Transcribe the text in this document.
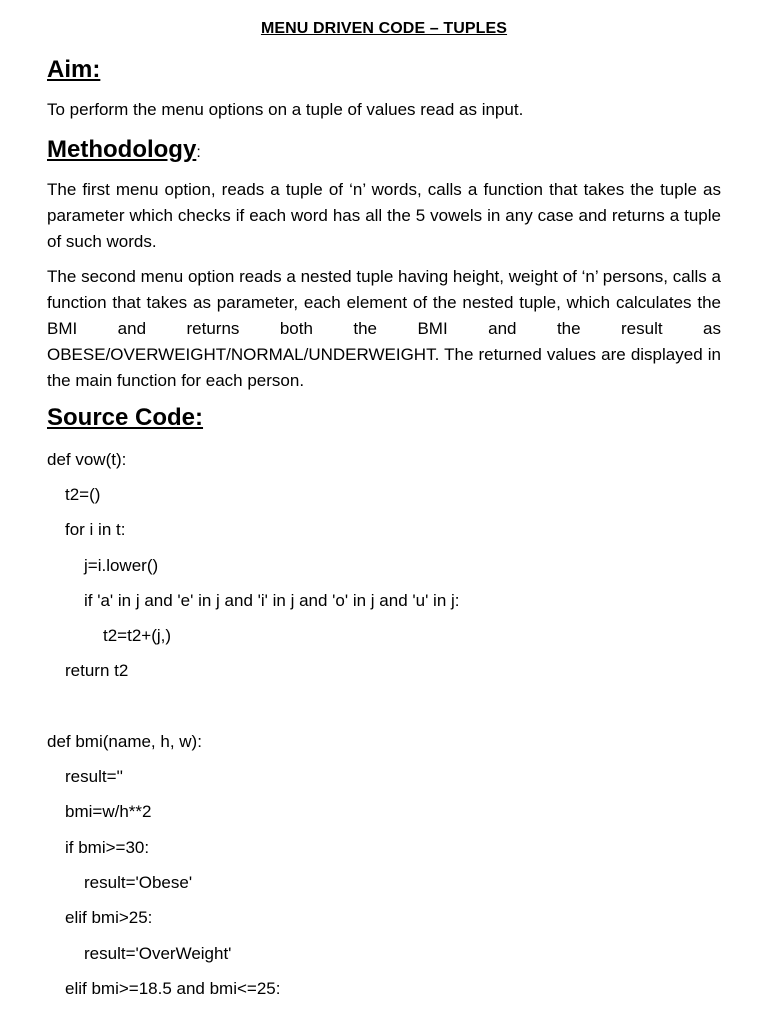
MENU DRIVEN CODE – TUPLES
Aim:
To perform the menu options on a tuple of values read as input.
Methodology:
The first menu option, reads a tuple of ‘n’ words, calls a function that takes the tuple as parameter which checks if each word has all the 5 vowels in any case and returns a tuple of such words.
The second menu option reads a nested tuple having height, weight of ‘n’ persons, calls a function that takes as parameter, each element of the nested tuple, which calculates the BMI and returns both the BMI and the result as OBESE/OVERWEIGHT/NORMAL/UNDERWEIGHT. The returned values are displayed in the main function for each person.
Source Code:
def vow(t):
t2=()
for i in t:
j=i.lower()
if 'a' in j and 'e' in j and 'i' in j and 'o' in j and 'u' in j:
t2=t2+(j,)
return t2
def bmi(name, h, w):
result=''
bmi=w/h**2
if bmi>=30:
result='Obese'
elif bmi>25:
result='OverWeight'
elif bmi>=18.5 and bmi<=25:
